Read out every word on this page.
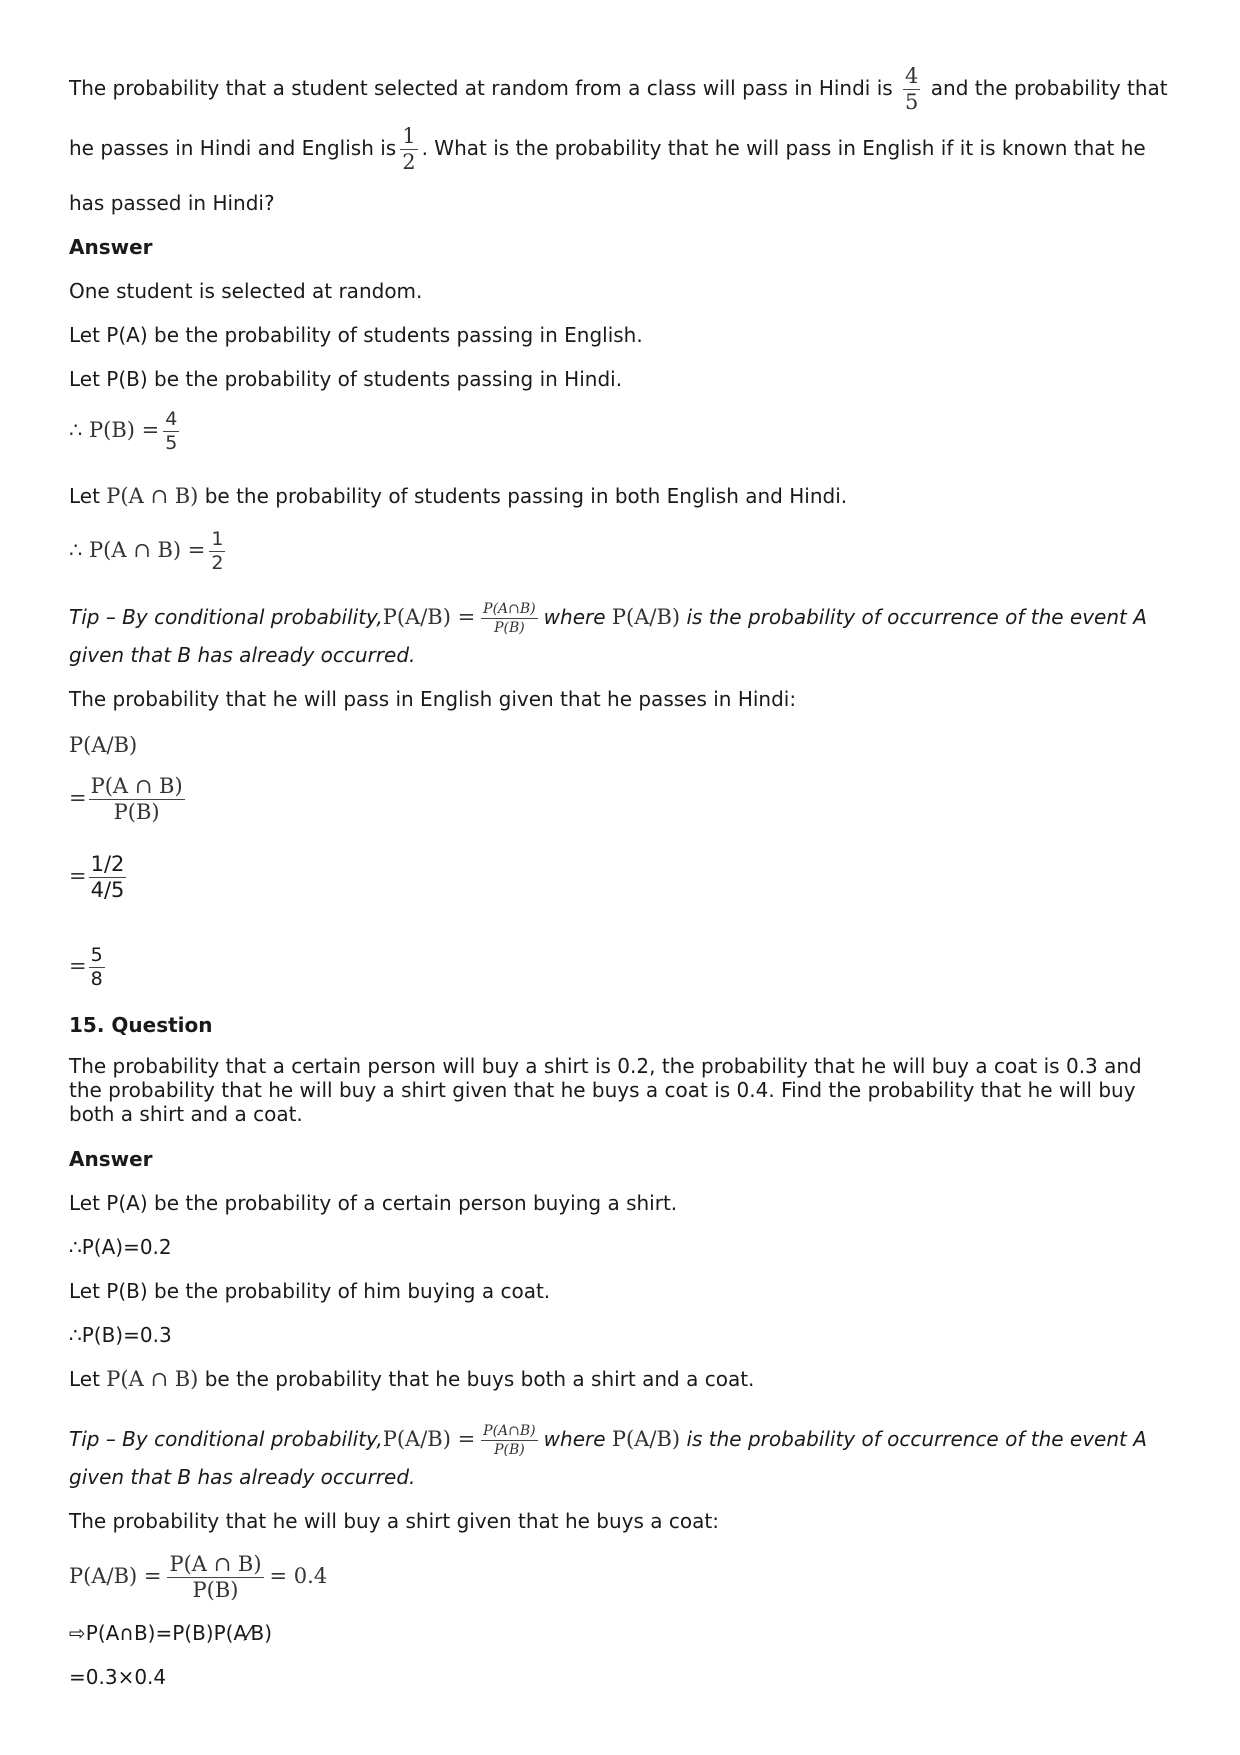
The probability that a student selected at random from a class will pass in Hindi is $\frac{4}{5}$ and the probability that
he passes in Hindi and English is $\frac{1}{2}$ . What is the probability that he will pass in English if it is known that he
has passed in Hindi?
Answer
One student is selected at random.
Let P(A) be the probability of students passing in English.
Let P(B) be the probability of students passing in Hindi.
∴ $P(B) = \frac{4}{5}$
Let P(A ∩ B) be the probability of students passing in both English and Hindi.
∴ P(A ∩ $B) = \frac{1}{2}$
Tip – By conditional probability,P(A/B) = $\frac{P(A\cap B)}{P(B)}$ where P(A/B) is the probability of occurrence of the event A
given that B has already occurred.
The probability that he will pass in English given that he passes in Hindi:
P(A/B)
= $\frac{P(A \cap B)}{P(B)}$
= $\frac{1/2}{4/5}$
= $\frac{5}{8}$
15. Question
The probability that a certain person will buy a shirt is 0.2, the probability that he will buy a coat is 0.3 and the probability that he will buy a shirt given that he buys a coat is 0.4. Find the probability that he will buy both a shirt and a coat.
Answer
Let P(A) be the probability of a certain person buying a shirt.
∴P(A)=0.2
Let P(B) be the probability of him buying a coat.
∴P(B)=0.3
Let P(A ∩ B) be the probability that he buys both a shirt and a coat.
Tip – By conditional probability,P(A/B) = $\frac{P(A\cap B)}{P(B)}$ where P(A/B) is the probability of occurrence of the event A
given that B has already occurred.
The probability that he will buy a shirt given that he buys a coat:
$P(A/B) = \frac{P(A \cap B)}{P(B)} = 0.4$
⇨P(A∩B)=P(B)P(A⁄B)
=0.3×0.4
